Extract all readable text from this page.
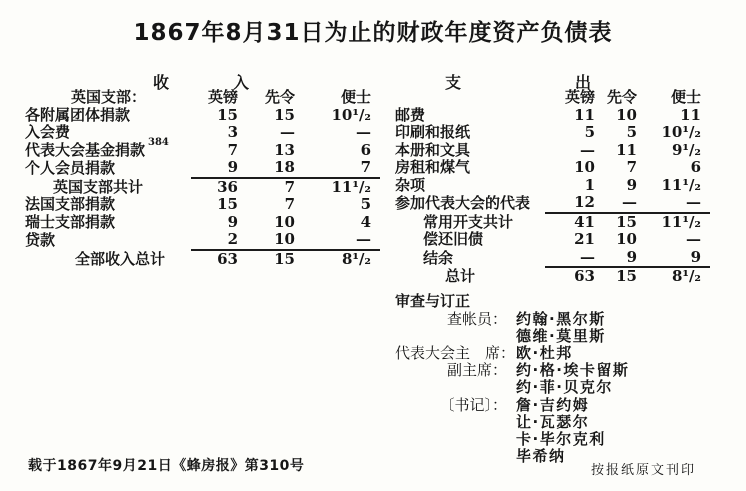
1867年8月31日为止的财政年度资产负债表
收	入
英国支部：	英镑	先令	便士
各附属团体捐款	15	15	10¹/₂
入会费	3	—	—
代表大会基金捐款 $^{384}$	7	13	6
个人会员捐款	9	18	7
英国支部共计	36	7	11¹/₂
法国支部捐款	15	7	5
瑞士支部捐款	9	10	4
贷款	2	10	—
全部收入总计	63	15	8¹/₂
支	出
	英镑	先令	便士
邮费	11	10	11
印刷和报纸	5	5	10¹/₂
本册和文具	—	11	9¹/₂
房租和煤气	10	7	6
杂项	1	9	11¹/₂
参加代表大会的代表	12	—	—
常用开支共计	41	15	11¹/₂
偿还旧债	21	10	—
结余	—	9	9
总计	63	15	8¹/₂
审查与订正
查帐员： 约翰·黑尔斯
德维·莫里斯
代表大会主　席： 欧·杜邦
副主席： 约·格·埃卡留斯
约·菲·贝克尔
〔书记〕： 詹·吉约姆
让·瓦瑟尔
卡·毕尔克利
毕希纳
载于1867年9月21日《蜂房报》第310号	按报纸原文刊印
